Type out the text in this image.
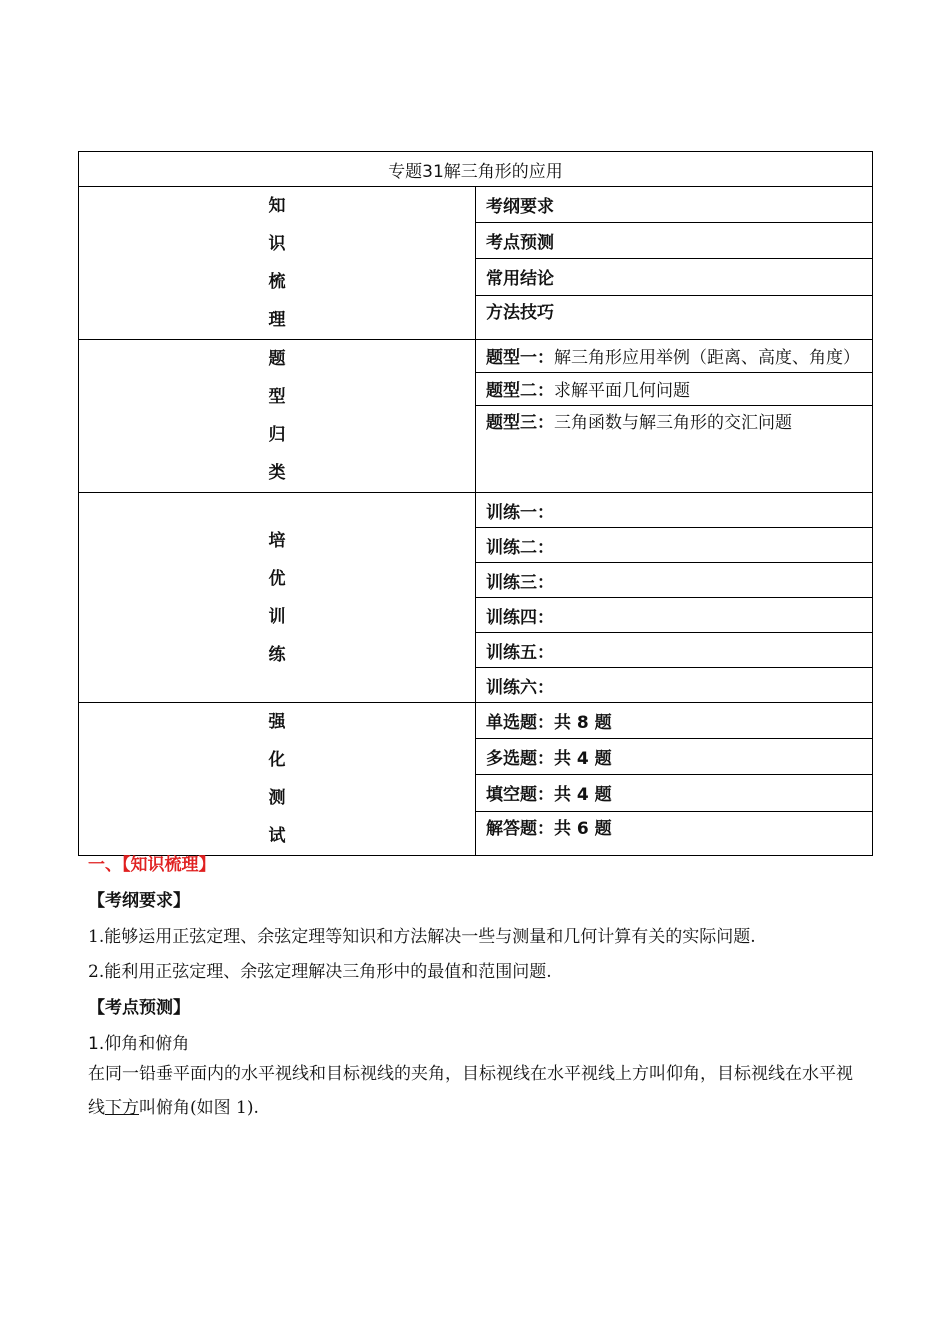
专题31解三角形的应用	

知
识
梳
理	考纲要求
	考点预测
	常用结论
	方法技巧

题
型
归
类	题型一：解三角形应用举例（距离、高度、角度）
	题型二：求解平面几何问题
	题型三：三角函数与解三角形的交汇问题

培
优
训
练	训练一：
	训练二：
	训练三：
	训练四：
	训练五：
	训练六：

强
化
测
试	单选题：共 8 题
	多选题：共 4 题
	填空题：共 4 题
	解答题：共 6 题
一、【知识梳理】
【考纲要求】
1.能够运用正弦定理、余弦定理等知识和方法解决一些与测量和几何计算有关的实际问题.
2.能利用正弦定理、余弦定理解决三角形中的最值和范围问题.
【考点预测】
1.仰角和俯角
在同一铅垂平面内的水平视线和目标视线的夹角，目标视线在水平视线上方叫仰角，目标视线在水平视线下方叫俯角(如图 1).
